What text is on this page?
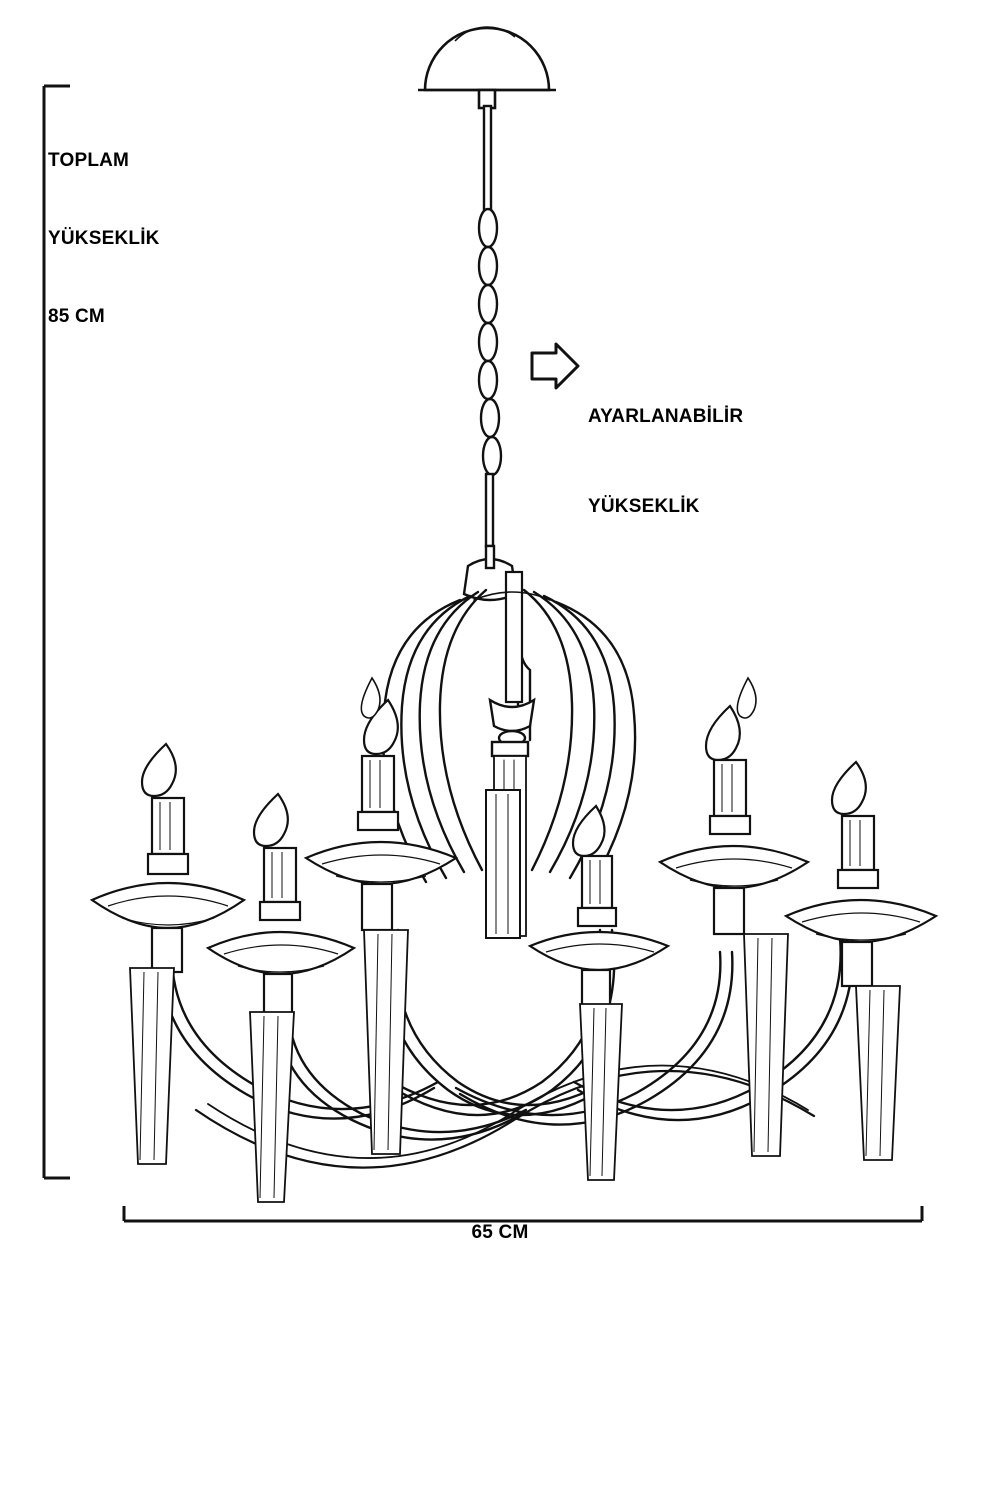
TOPLAM

YÜKSEKLİK

85 CM

AYARLANABİLİR

YÜKSEKLİK

65 CM
